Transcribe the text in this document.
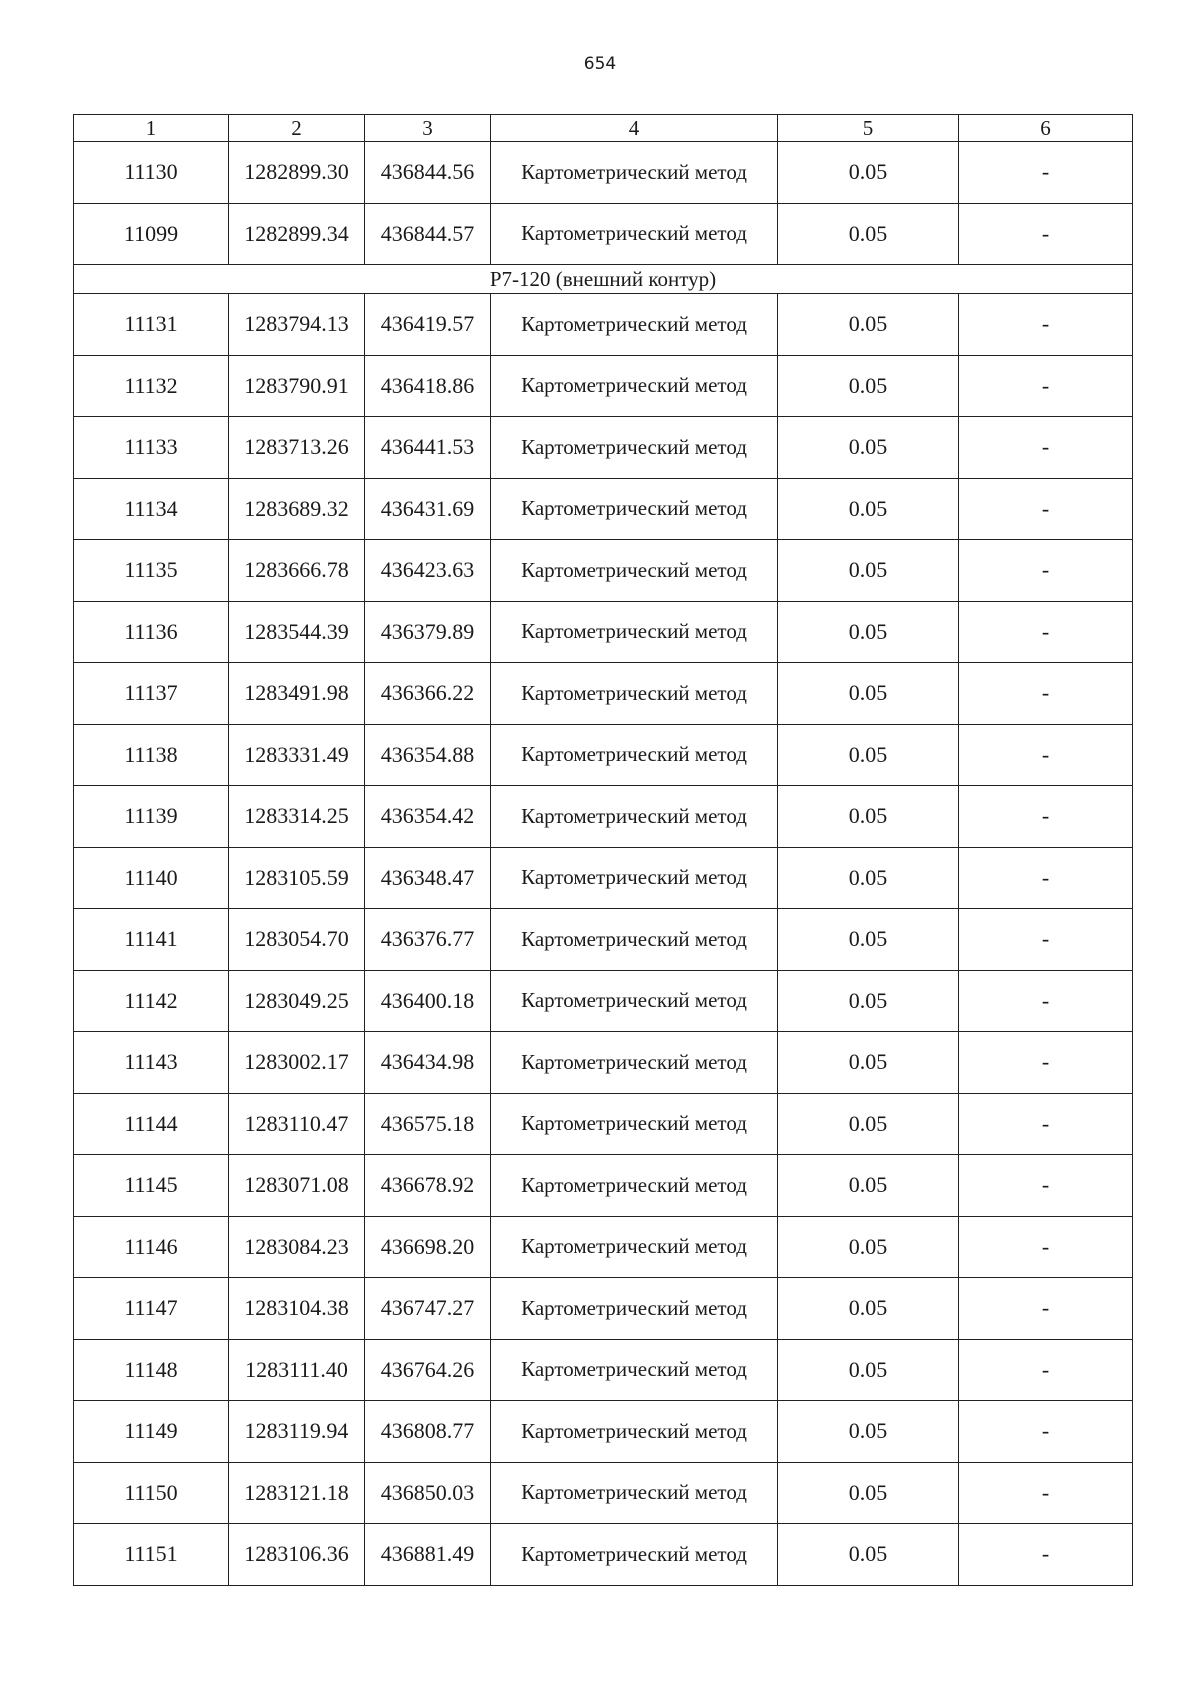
654
1	2	3	4	5	6
11130	1282899.30	436844.56	Картометрический метод	0.05	-
11099	1282899.34	436844.57	Картометрический метод	0.05	-
Р7-120 (внешний контур)					
11131	1283794.13	436419.57	Картометрический метод	0.05	-
11132	1283790.91	436418.86	Картометрический метод	0.05	-
11133	1283713.26	436441.53	Картометрический метод	0.05	-
11134	1283689.32	436431.69	Картометрический метод	0.05	-
11135	1283666.78	436423.63	Картометрический метод	0.05	-
11136	1283544.39	436379.89	Картометрический метод	0.05	-
11137	1283491.98	436366.22	Картометрический метод	0.05	-
11138	1283331.49	436354.88	Картометрический метод	0.05	-
11139	1283314.25	436354.42	Картометрический метод	0.05	-
11140	1283105.59	436348.47	Картометрический метод	0.05	-
11141	1283054.70	436376.77	Картометрический метод	0.05	-
11142	1283049.25	436400.18	Картометрический метод	0.05	-
11143	1283002.17	436434.98	Картометрический метод	0.05	-
11144	1283110.47	436575.18	Картометрический метод	0.05	-
11145	1283071.08	436678.92	Картометрический метод	0.05	-
11146	1283084.23	436698.20	Картометрический метод	0.05	-
11147	1283104.38	436747.27	Картометрический метод	0.05	-
11148	1283111.40	436764.26	Картометрический метод	0.05	-
11149	1283119.94	436808.77	Картометрический метод	0.05	-
11150	1283121.18	436850.03	Картометрический метод	0.05	-
11151	1283106.36	436881.49	Картометрический метод	0.05	-
